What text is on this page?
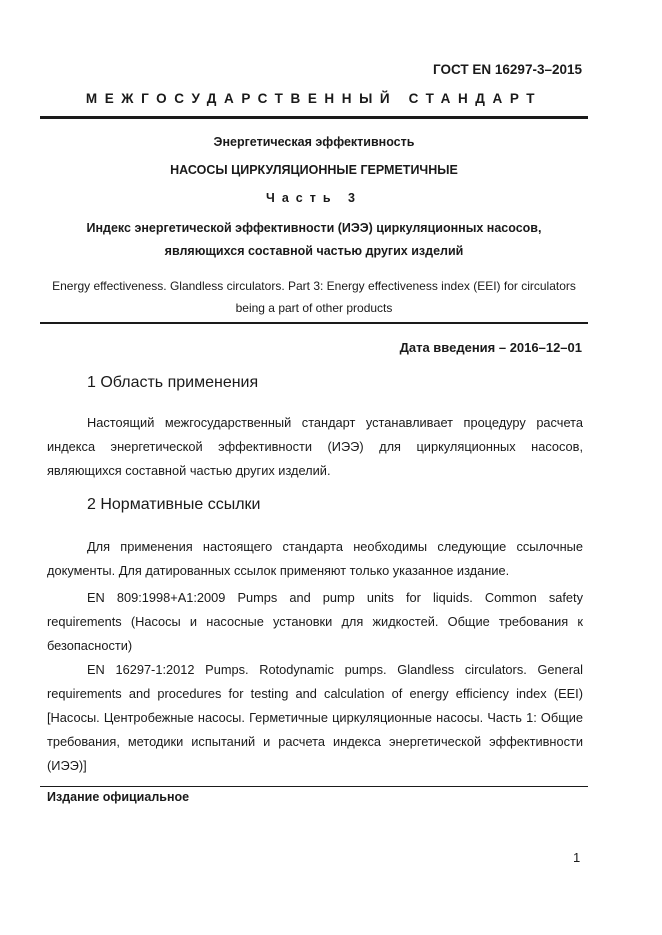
ГОСТ EN 16297-3–2015
МЕЖГОСУДАРСТВЕННЫЙ СТАНДАРТ
Энергетическая эффективность
НАСОСЫ ЦИРКУЛЯЦИОННЫЕ ГЕРМЕТИЧНЫЕ
Часть 3
Индекс энергетической эффективности (ИЭЭ) циркуляционных насосов,
являющихся составной частью других изделий
Energy effectiveness. Glandless circulators. Part 3: Energy effectiveness index (EEI) for circulators
being a part of other products
Дата введения – 2016–12–01
1 Область применения

Настоящий межгосударственный стандарт устанавливает процедуру расчета индекса энергетической эффективности (ИЭЭ) для циркуляционных насосов, являющихся составной частью других изделий.

2 Нормативные ссылки

Для применения настоящего стандарта необходимы следующие ссылочные документы. Для датированных ссылок применяют только указанное издание.

EN 809:1998+A1:2009 Pumps and pump units for liquids. Common safety requirements (Насосы и насосные установки для жидкостей. Общие требования к безопасности)

EN 16297-1:2012 Pumps. Rotodynamic pumps. Glandless circulators. General requirements and procedures for testing and calculation of energy efficiency index (EEI) [Насосы. Центробежные насосы. Герметичные циркуляционные насосы. Часть 1: Общие требования, методики испытаний и расчета индекса энергетической эффективности (ИЭЭ)]

Издание официальное
1
